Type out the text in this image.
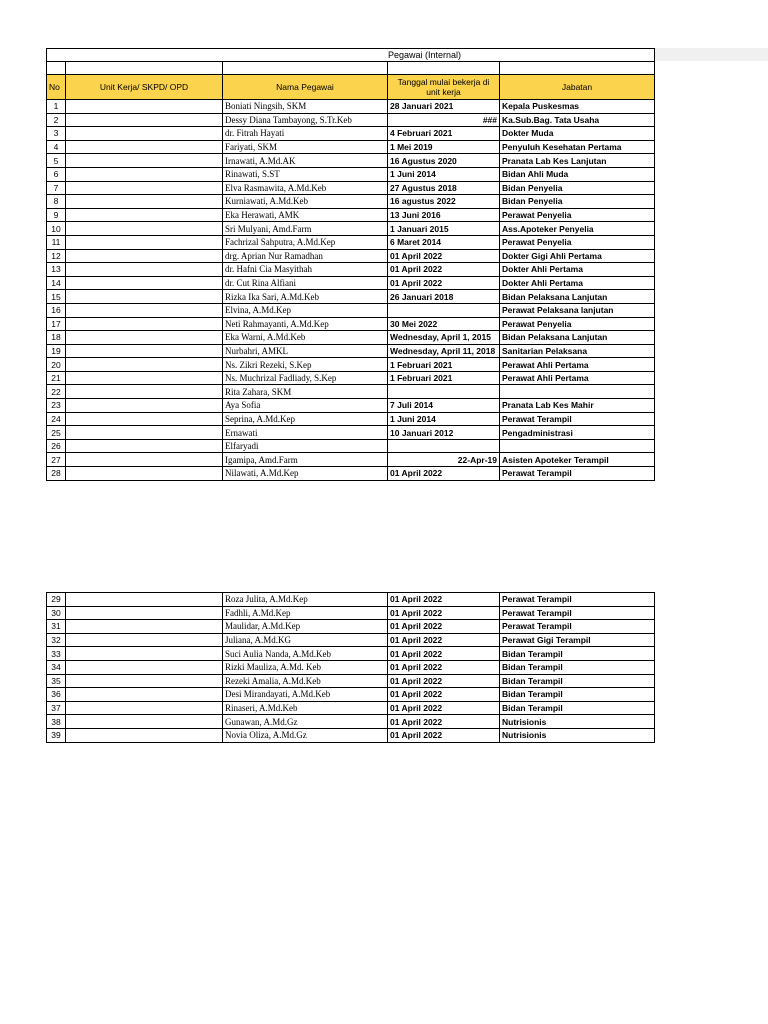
Pegawai (Internal)				

No	Unit Kerja/ SKPD/ OPD	Nama Pegawai	Tanggal mulai bekerja di unit kerja	Jabatan
1		Boniati Ningsih, SKM	28 Januari 2021	Kepala Puskesmas
2		Dessy Diana Tambayong, S.Tr.Keb	###	Ka.Sub.Bag. Tata Usaha
3		dr. Fitrah Hayati	4 Februari 2021	Dokter Muda
4		Fariyati, SKM	1 Mei 2019	Penyuluh Kesehatan Pertama
5		Irnawati, A.Md.AK	16 Agustus 2020	Pranata Lab Kes Lanjutan
6		Rinawati, S.ST	1 Juni 2014	Bidan Ahli Muda
7		Elva Rasmawita, A.Md.Keb	27 Agustus 2018	Bidan Penyelia
8		Kurniawati, A.Md.Keb	16 agustus 2022	Bidan Penyelia
9		Eka Herawati, AMK	13 Juni 2016	Perawat Penyelia
10		Sri Mulyani, Amd.Farm	1 Januari 2015	Ass.Apoteker Penyelia
11		Fachrizal Sahputra, A.Md.Kep	6 Maret 2014	Perawat Penyelia
12		drg. Aprian Nur Ramadhan	01 April 2022	Dokter Gigi Ahli Pertama
13		dr. Hafni Cia Masyithah	01 April 2022	Dokter Ahli Pertama
14		dr. Cut Rina Alfiani	01 April 2022	Dokter Ahli Pertama
15		Rizka Ika Sari, A.Md.Keb	26 Januari 2018	Bidan Pelaksana Lanjutan
16		Elvina, A.Md.Kep		Perawat Pelaksana lanjutan
17		Neti Rahmayanti, A.Md.Kep	30 Mei 2022	Perawat Penyelia
18		Eka Warni, A.Md.Keb	Wednesday, April 1, 2015	Bidan Pelaksana Lanjutan
19		Nurbahri, AMKL	Wednesday, April 11, 2018	Sanitarian Pelaksana
20		Ns. Zikri Rezeki, S.Kep	1 Februari 2021	Perawat Ahli Pertama
21		Ns. Muchrizal Fadliady, S.Kep	1 Februari 2021	Perawat Ahli Pertama
22		Rita Zahara, SKM		
23		Aya Sofia	7 Juli 2014	Pranata Lab Kes Mahir
24		Seprina, A.Md.Kep	1 Juni 2014	Perawat Terampil
25		Ernawati	10 Januari 2012	Pengadministrasi
26		Elfaryadi		
27		Igamipa, Amd.Farm	22-Apr-19	Asisten Apoteker Terampil
28		Nilawati, A.Md.Kep	01 April 2022	Perawat Terampil
29		Roza Julita, A.Md.Kep	01 April 2022	Perawat Terampil
30		Fadhli, A.Md.Kep	01 April 2022	Perawat Terampil
31		Maulidar, A.Md.Kep	01 April 2022	Perawat Terampil
32		Juliana, A.Md.KG	01 April 2022	Perawat Gigi Terampil
33		Suci Aulia Nanda, A.Md.Keb	01 April 2022	Bidan Terampil
34		Rizki Mauliza, A.Md. Keb	01 April 2022	Bidan Terampil
35		Rezeki Amalia, A.Md.Keb	01 April 2022	Bidan Terampil
36		Desi Mirandayati, A.Md.Keb	01 April 2022	Bidan Terampil
37		Rinaseri, A.Md.Keb	01 April 2022	Bidan Terampil
38		Gunawan, A.Md.Gz	01 April 2022	Nutrisionis
39		Novia Oliza, A.Md.Gz	01 April 2022	Nutrisionis
